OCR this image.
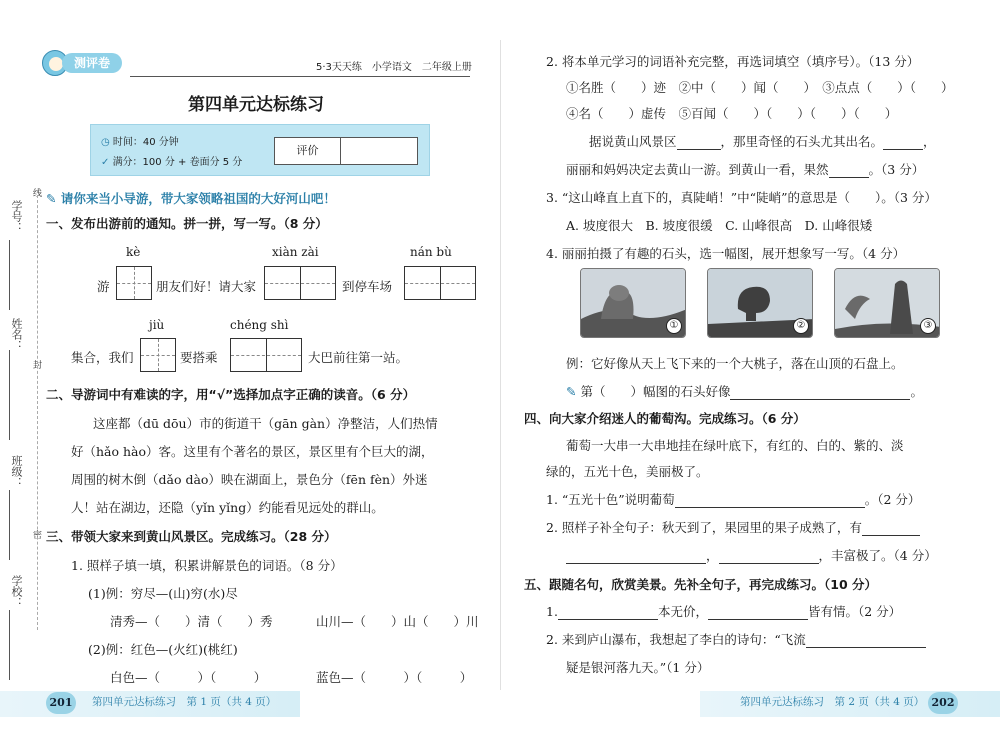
学号：
姓名：
班级：
学校：
线
封
密
测评卷	5·3天天练　小学语文　二年级上册
第四单元达标练习
◷ 时间：40 分钟
✓ 满分：100 分 + 卷面分 5 分
评价
✎ 请你来当小导游，带大家领略祖国的大好河山吧！
一、发布出游前的通知。拼一拼，写一写。（8 分）
kè	xiàn zài	nán bù
游	朋友们好！请大家	到停车场
jiù	chéng shì
集合，我们	要搭乘	大巴前往第一站。
二、导游词中有难读的字，用“√”选择加点字正确的读音。（6 分）
这座都（dū dōu）市的街道干（gān gàn）净整洁，人们热情
好（hǎo hào）客。这里有个著名的景区，景区里有个巨大的湖，
周围的树木倒（dǎo dào）映在湖面上，景色分（fēn fèn）外迷
人！站在湖边，还隐（yǐn yǐng）约能看见远处的群山。
三、带领大家来到黄山风景区。完成练习。（28 分）
1. 照样子填一填，积累讲解景色的词语。（8 分）
(1)例：穷尽—(山)穷(水)尽
清秀—（　　）清（　　）秀	山川—（　　）山（　　）川
(2)例：红色—(火红)(桃红)
白色—（　　　）（　　　）	蓝色—（　　　）（　　　）
2. 将本单元学习的词语补充完整，再选词填空（填序号）。（13 分）
①名胜（　　）迹　②中（　　）闻（　　）　③点点（　　）（　　）
④名（　　）虚传　⑤百闻（　　）（　　）（　　）（　　）
据说黄山风景区	，那里奇怪的石头尤其出名。	，
丽丽和妈妈决定去黄山一游。到黄山一看，果然	。（3 分）
3. “这山峰直上直下的，真陡峭！”中“陡峭”的意思是（　　）。（3 分）
A. 坡度很大　B. 坡度很缓　C. 山峰很高　D. 山峰很矮
4. 丽丽拍摄了有趣的石头，选一幅图，展开想象写一写。（4 分）
①	②	③
例：它好像从天上飞下来的一个大桃子，落在山顶的石盘上。
✎ 第（　　）幅图的石头好像	。
四、向大家介绍迷人的葡萄沟。完成练习。（6 分）
葡萄一大串一大串地挂在绿叶底下，有红的、白的、紫的、淡
绿的，五光十色，美丽极了。
1. “五光十色”说明葡萄	。（2 分）
2. 照样子补全句子：秋天到了，果园里的果子成熟了，有
，	，丰富极了。（4 分）
五、跟随名句，欣赏美景。先补全句子，再完成练习。（10 分）
1.	本无价，	皆有情。（2 分）
2. 来到庐山瀑布，我想起了李白的诗句：“飞流
疑是银河落九天。”（1 分）
201	第四单元达标练习　第 1 页（共 4 页）	第四单元达标练习　第 2 页（共 4 页） 202
